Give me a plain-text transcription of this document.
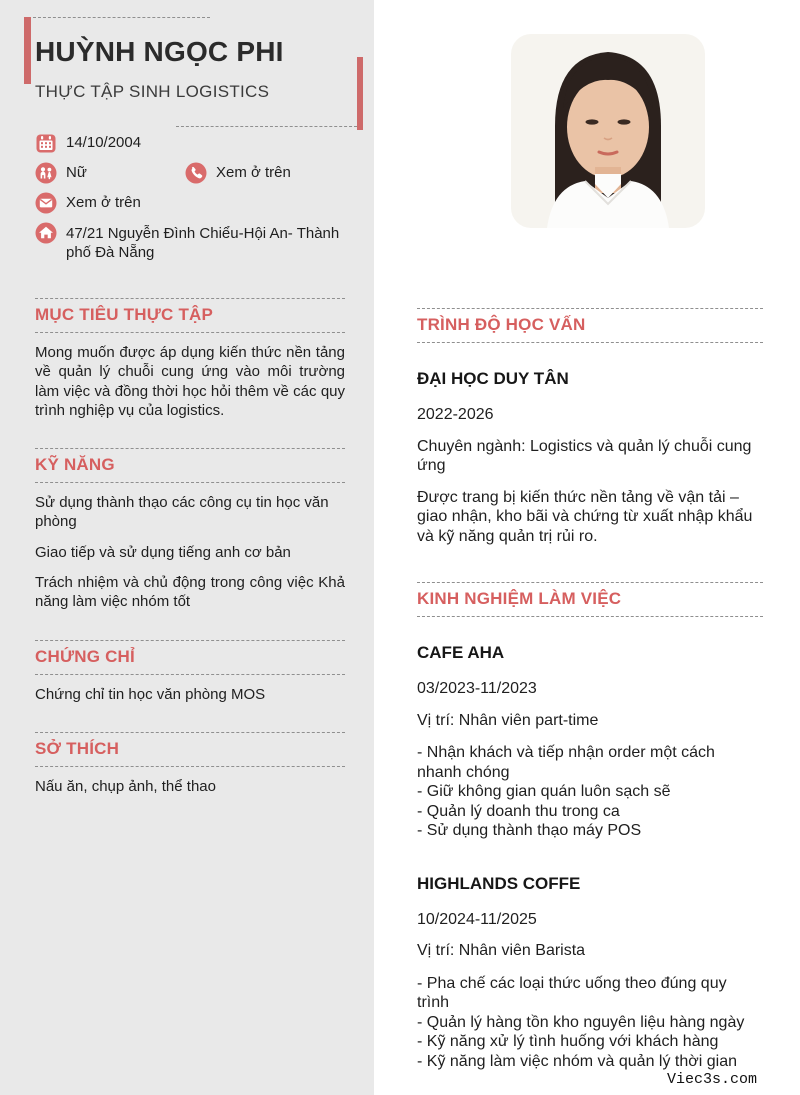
HUỲNH NGỌC PHI
THỰC TẬP SINH LOGISTICS
14/10/2004
Nữ	Xem ở trên
Xem ở trên
47/21 Nguyễn Đình Chiểu-Hội An- Thành phố Đà Nẵng
MỤC TIÊU THỰC TẬP
Mong muốn được áp dụng kiến thức nền tảng về quản lý chuỗi cung ứng vào môi trường làm việc và đồng thời học hỏi thêm về các quy trình nghiệp vụ của logistics.
KỸ NĂNG
Sử dụng thành thạo các công cụ tin học văn phòng
Giao tiếp và sử dụng tiếng anh cơ bản
Trách nhiệm và chủ động trong công việc Khả năng làm việc nhóm tốt
CHỨNG CHỈ
Chứng chỉ tin học văn phòng MOS
SỞ THÍCH
Nấu ăn, chụp ảnh, thể thao
TRÌNH ĐỘ HỌC VẤN
ĐẠI HỌC DUY TÂN
2022-2026
Chuyên ngành: Logistics và quản lý chuỗi cung ứng
Được trang bị kiến thức nền tảng về vận tải – giao nhận, kho bãi và chứng từ xuất nhập khẩu và kỹ năng quản trị rủi ro.
KINH NGHIỆM LÀM VIỆC
CAFE AHA
03/2023-11/2023
Vị trí: Nhân viên part-time
- Nhận khách và tiếp nhận order một cách nhanh chóng
- Giữ không gian quán luôn sạch sẽ
- Quản lý doanh thu trong ca
- Sử dụng thành thạo máy POS
HIGHLANDS COFFE
10/2024-11/2025
Vị trí: Nhân viên Barista
- Pha chế các loại thức uống theo đúng quy trình
- Quản lý hàng tồn kho nguyên liệu hàng ngày
- Kỹ năng xử lý tình huống với khách hàng
- Kỹ năng làm việc nhóm và quản lý thời gian
Viec3s.com
